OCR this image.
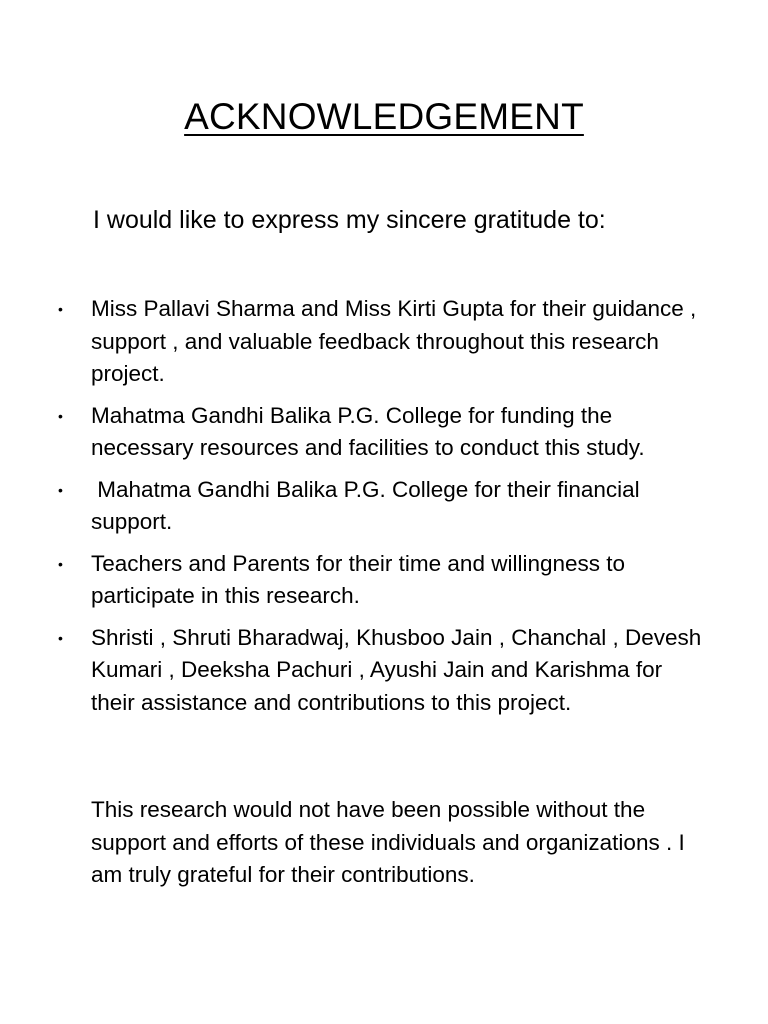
ACKNOWLEDGEMENT
I would like to express my sincere gratitude to:
• Miss Pallavi Sharma and Miss Kirti Gupta for their guidance , support , and valuable feedback throughout this research project.
• Mahatma Gandhi Balika P.G. College for funding the necessary resources and facilities to conduct this study.
• Mahatma Gandhi Balika P.G. College for their financial support.
• Teachers and Parents for their time and willingness to participate in this research.
• Shristi , Shruti Bharadwaj, Khusboo Jain , Chanchal , Devesh Kumari , Deeksha Pachuri , Ayushi Jain and Karishma for their assistance and contributions to this project.
This research would not have been possible without the support and efforts of these individuals and organizations . I am truly grateful for their contributions.
